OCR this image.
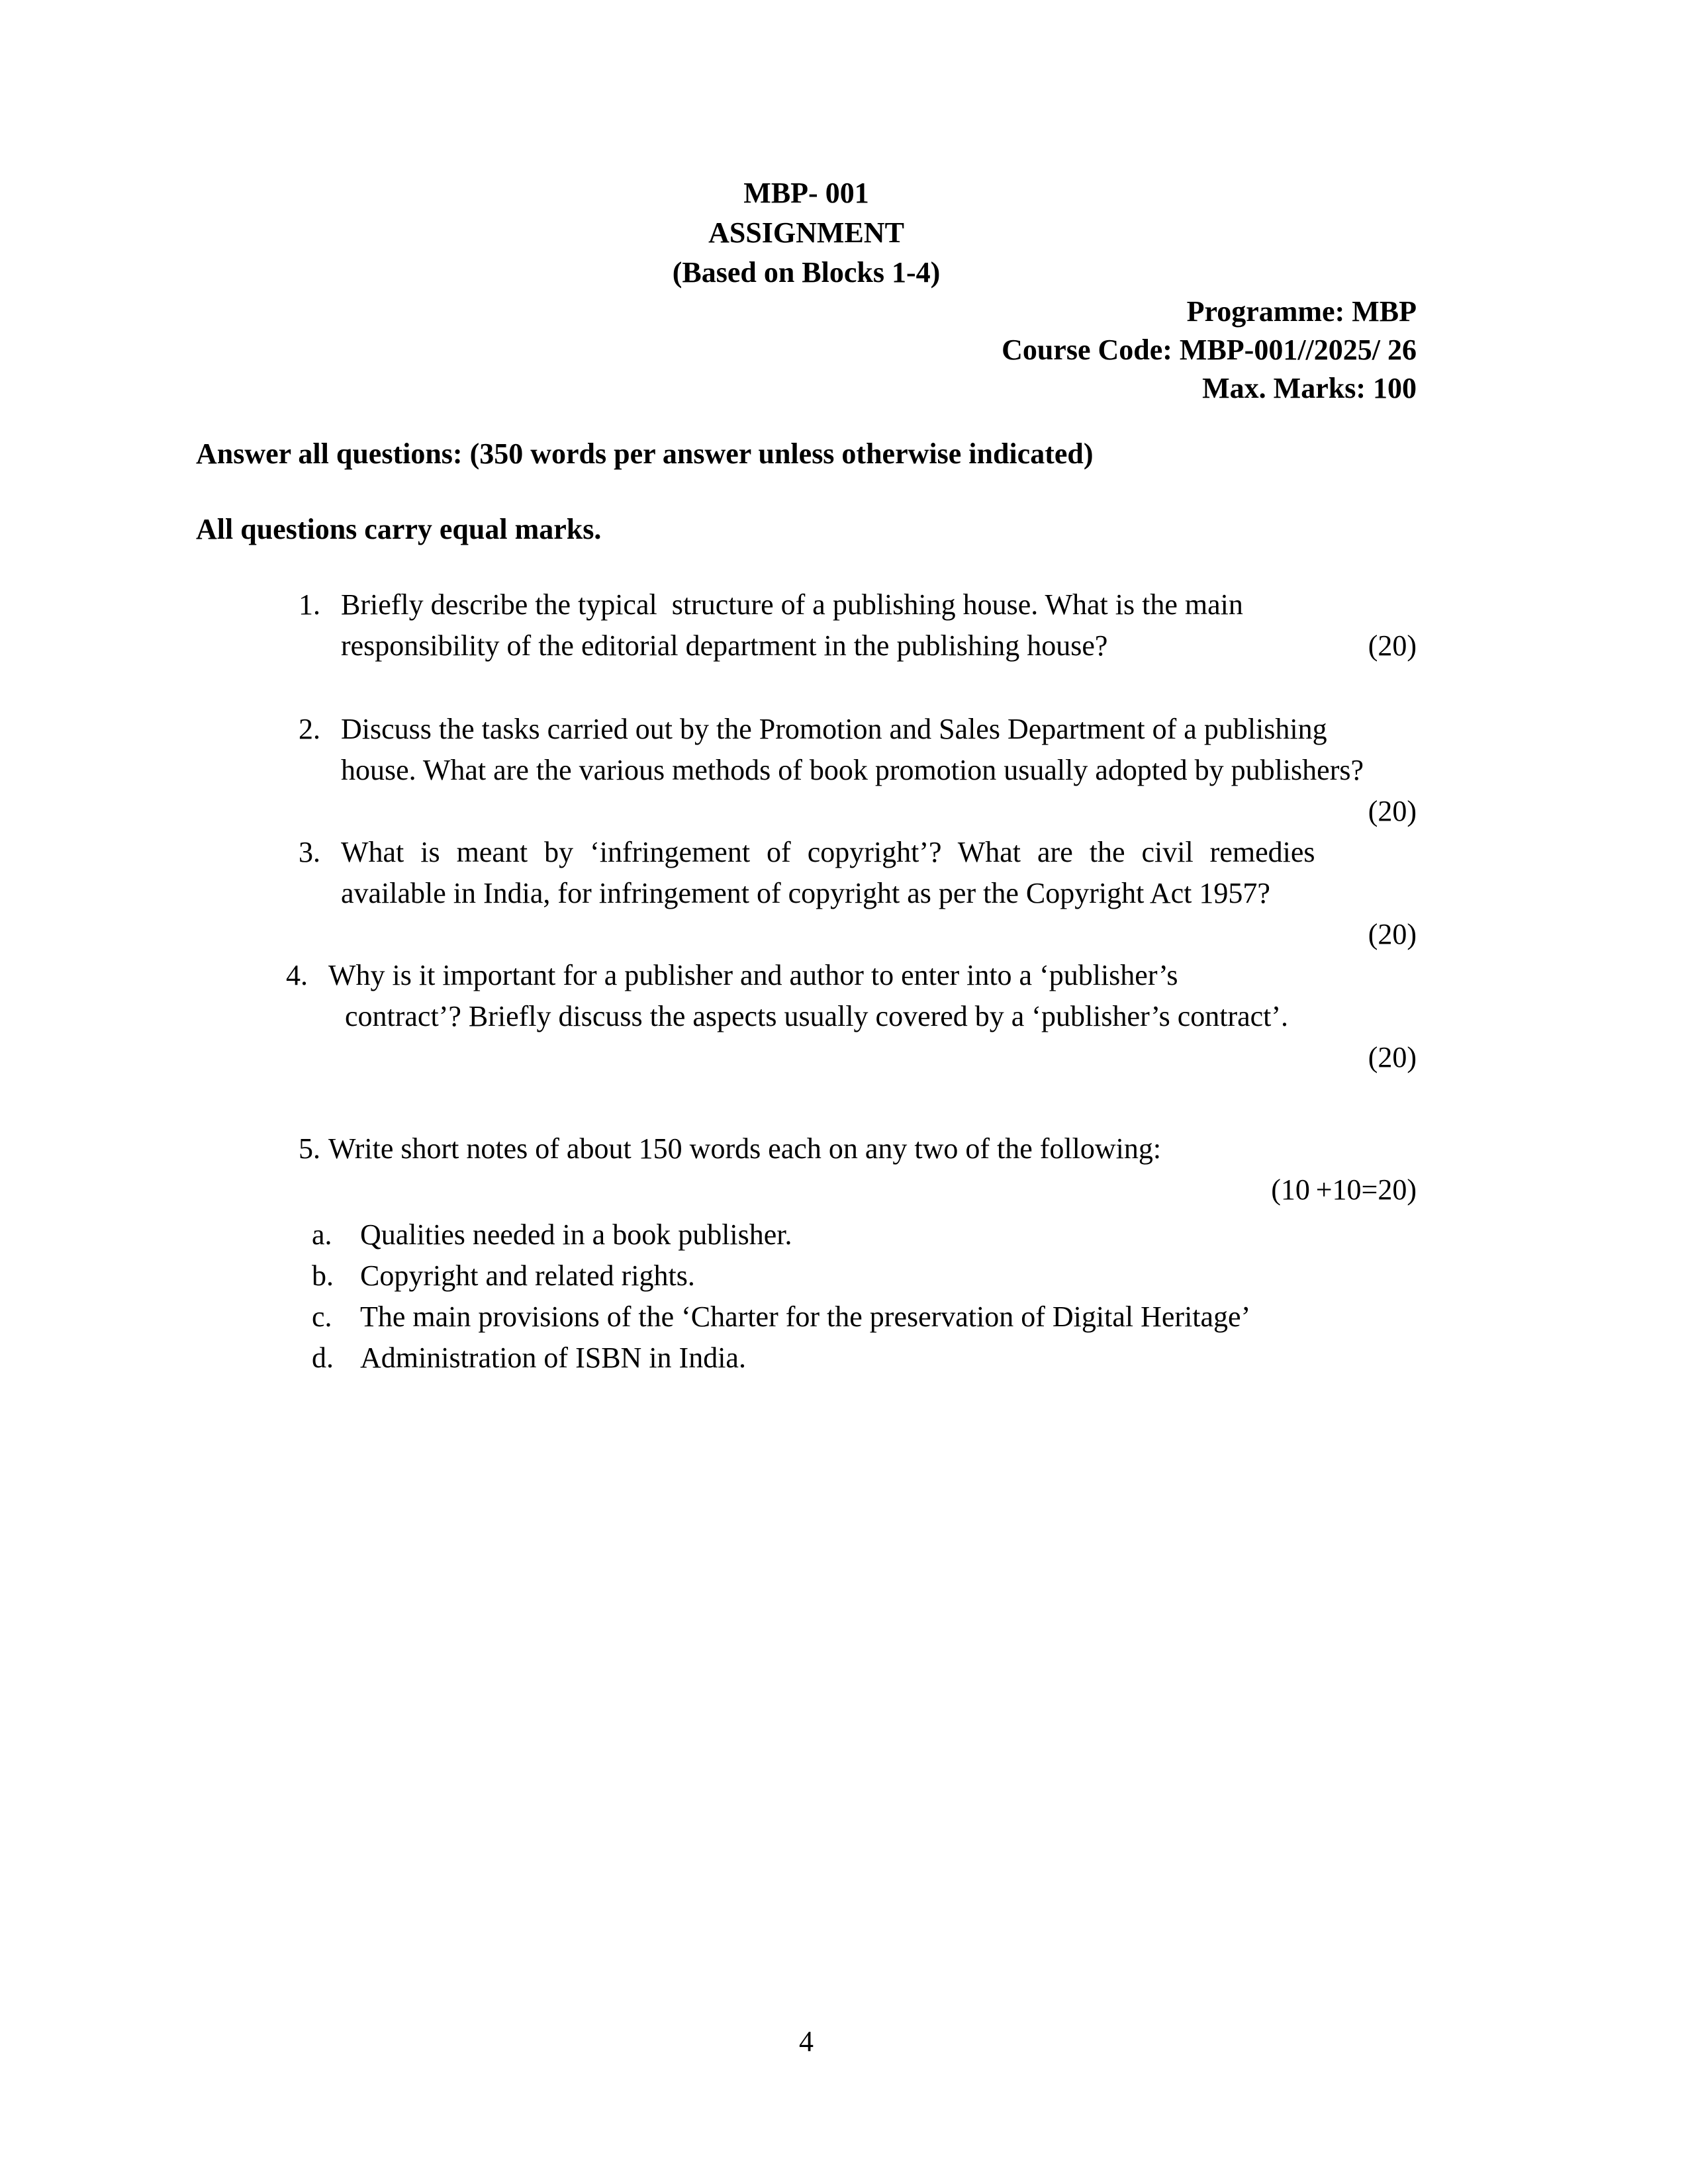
MBP- 001
ASSIGNMENT
(Based on Blocks 1-4)
Programme: MBP
Course Code: MBP-001//2025/ 26
Max. Marks: 100
Answer all questions: (350 words per answer unless otherwise indicated)
All questions carry equal marks.
1. Briefly describe the typical  structure of a publishing house. What is the main
responsibility of the editorial department in the publishing house?	(20)
2. Discuss the tasks carried out by the Promotion and Sales Department of a publishing
house. What are the various methods of book promotion usually adopted by publishers?
(20)
3. What is meant by ‘infringement of copyright’? What are the civil remedies
available in India, for infringement of copyright as per the Copyright Act 1957?
(20)
4. Why is it important for a publisher and author to enter into a ‘publisher’s
contract’? Briefly discuss the aspects usually covered by a ‘publisher’s contract’.
(20)
5. Write short notes of about 150 words each on any two of the following:
(10 +10=20)
a. Qualities needed in a book publisher.
b. Copyright and related rights.
c. The main provisions of the ‘Charter for the preservation of Digital Heritage’
d. Administration of ISBN in India.
4
